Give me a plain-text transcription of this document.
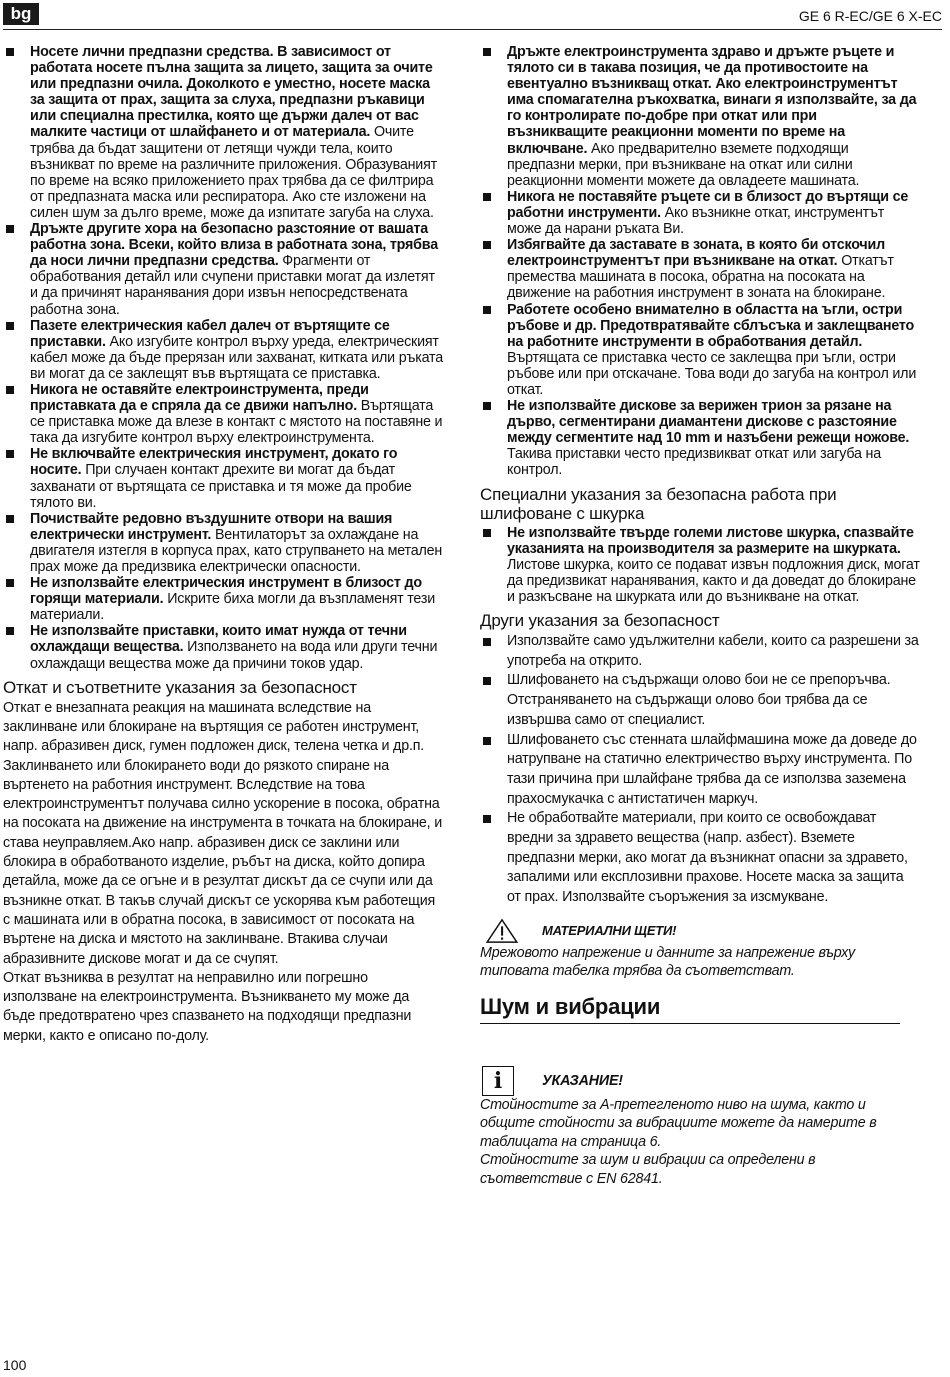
bg	GE 6 R-EC/GE 6 X-EC

Носете лични предпазни средства. В зависимост от работата носете пълна защита за лицето, защита за очите или предпазни очила. Доколкото е уместно, носете маска за защита от прах, защита за слуха, предпазни ръкавици или специална престилка, която ще държи далеч от вас малките частици от шлайфането и от материала. Очите трябва да бъдат защитени от летящи чужди тела, които възникват по време на различните приложения. Образуваният по време на всяко приложението прах трябва да се филтрира от предпазната маска или респиратора. Ако сте изложени на силен шум за дълго време, може да изпитате загуба на слуха.

Дръжте другите хора на безопасно разстояние от вашата работна зона. Всеки, който влиза в работната зона, трябва да носи лични предпазни средства. Фрагменти от обработвания детайл или счупени приставки могат да излетят и да причинят наранявания дори извън непосредствената работна зона.

Пазете електрическия кабел далеч от въртящите се приставки. Ако изгубите контрол върху уреда, електрическият кабел може да бъде прерязан или захванат, китката или ръката ви могат да се заклещят във въртящата се приставка.

Никога не оставяйте електроинструмента, преди приставката да е спряла да се движи напълно. Въртящата се приставка може да влезе в контакт с мястото на поставяне и така да изгубите контрол върху електроинструмента.

Не включвайте електрическия инструмент, докато го носите. При случаен контакт дрехите ви могат да бъдат захванати от въртящата се приставка и тя може да пробие тялото ви.

Почиствайте редовно въздушните отвори на вашия електрически инструмент. Вентилаторът за охлаждане на двигателя изтегля в корпуса прах, като струпването на метален прах може да предизвика електрически опасности.

Не използвайте електрическия инструмент в близост до горящи материали. Искрите биха могли да възпламенят тези материали.

Не използвайте приставки, които имат нужда от течни охлаждащи вещества. Използването на вода или други течни охлаждащи вещества може да причини токов удар.

Откат и съответните указания за безопасност

Откат е внезапната реакция на машината вследствие на заклинване или блокиране на въртящия се работен инструмент, напр. абразивен диск, гумен подложен диск, телена четка и др.п. Заклинването или блокирането води до рязкото спиране на въртенето на работния инструмент. Вследствие на това електроинструментът получава силно ускорение в посока, обратна на посоката на движение на инструмента в точката на блокиране, и става неуправляем.Ако напр. абразивен диск се заклини или блокира в обработваното изделие, ръбът на диска, който допира детайла, може да се огъне и в резултат дискът да се счупи или да възникне откат. В такъв случай дискът се ускорява към работещия с машината или в обратна посока, в зависимост от посоката на въртене на диска и мястото на заклинване. Втакива случаи абразивните дискове могат и да се счупят.

Откат възниква в резултат на неправилно или погрешно използване на електроинструмента. Възникването му може да бъде предотвратено чрез спазването на подходящи предпазни мерки, както е описано по-долу.

Дръжте електроинструмента здраво и дръжте ръцете и тялото си в такава позиция, че да противостоите на евентуално възникващ откат. Ако електроинструментът има спомагателна ръкохватка, винаги я използвайте, за да го контролирате по-добре при откат или при възникващите реакционни моменти по време на включване. Ако предварително вземете подходящи предпазни мерки, при възникване на откат или силни реакционни моменти можете да овладеете машината.

Никога не поставяйте ръцете си в близост до въртящи се работни инструменти. Ако възникне откат, инструментът може да нарани ръката Ви.

Избягвайте да заставате в зоната, в която би отскочил електроинструментът при възникване на откат. Откатът премества машината в посока, обратна на посоката на движение на работния инструмент в зоната на блокиране.

Работете особено внимателно в областта на ъгли, остри ръбове и др. Предотвратявайте сблъсъка и заклещването на работните инструменти в обработвания детайл. Въртящата се приставка често се заклещва при ъгли, остри ръбове или при отскачане. Това води до загуба на контрол или откат.

Не използвайте дискове за верижен трион за рязане на дърво, сегментирани диамантени дискове с разстояние между сегментите над 10 mm и назъбени режещи ножове. Такива приставки често предизвикват откат или загуба на контрол.

Специални указания за безопасна работа при шлифоване с шкурка

Не използвайте твърде големи листове шкурка, спазвайте указанията на производителя за размерите на шкурката. Листове шкурка, които се подават извън подложния диск, могат да предизвикат наранявания, както и да доведат до блокиране и разкъсване на шкурката или до възникване на откат.

Други указания за безопасност

Използвайте само удължителни кабели, които са разрешени за употреба на открито.

Шлифоването на съдържащи олово бои не се препоръчва. Отстраняването на съдържащи олово бои трябва да се извършва само от специалист.

Шлифоването със стенната шлайфмашина може да доведе до натрупване на статично електричество върху инструмента. По тази причина при шлайфане трябва да се използва заземена прахосмукачка с антистатичен маркуч.

Не обработвайте материали, при които се освобождават вредни за здравето вещества (напр. азбест). Вземете предпазни мерки, ако могат да възникнат опасни за здравето, запалими или експлозивни прахове. Носете маска за защита от прах. Използвайте съоръжения за изсмукване.

МАТЕРИАЛНИ ЩЕТИ!

Мрежовото напрежение и данните за напрежение върху типовата табелка трябва да съответстват.

Шум и вибрации
i	УКАЗАНИЕ!

Стойностите за А-претегленото ниво на шума, както и общите стойности за вибрациите можете да намерите в таблицата на страница 6.

Стойностите за шум и вибрации са определени в съответствие с EN 62841.

100
